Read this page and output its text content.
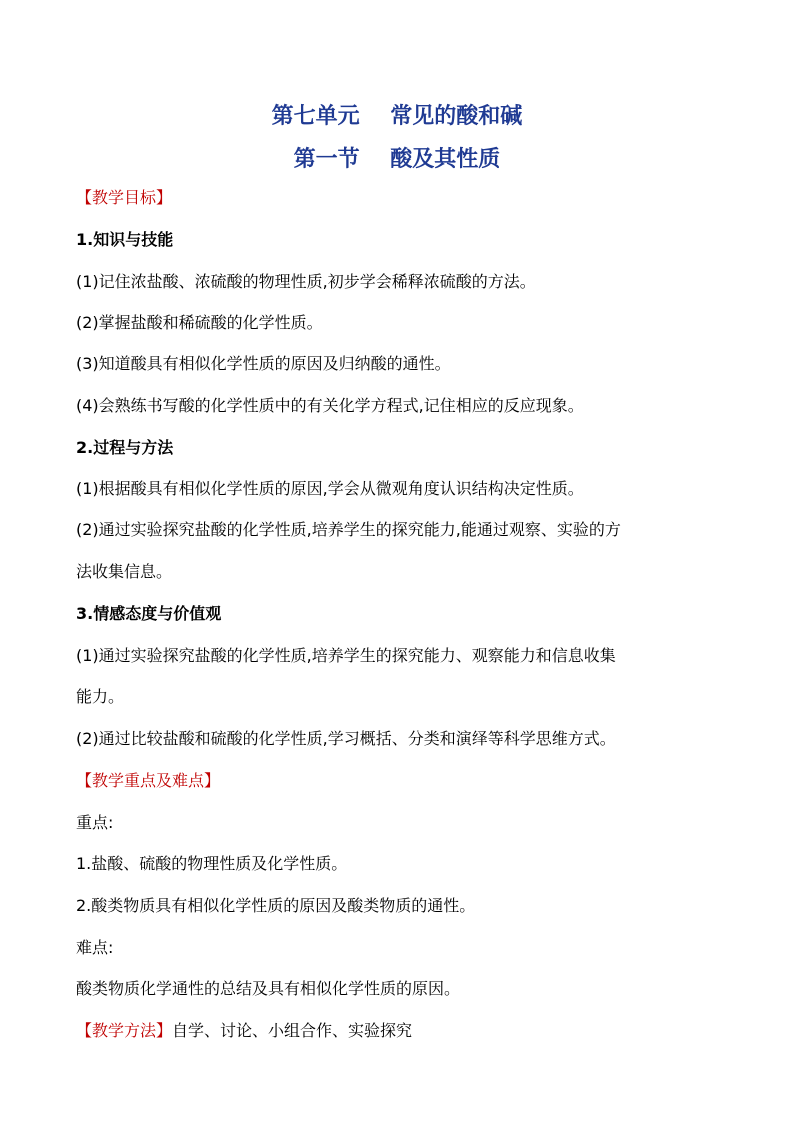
第七单元    常见的酸和碱
第一节    酸及其性质
【教学目标】
1.知识与技能
(1)记住浓盐酸、浓硫酸的物理性质,初步学会稀释浓硫酸的方法。
(2)掌握盐酸和稀硫酸的化学性质。
(3)知道酸具有相似化学性质的原因及归纳酸的通性。
(4)会熟练书写酸的化学性质中的有关化学方程式,记住相应的反应现象。
2.过程与方法
(1)根据酸具有相似化学性质的原因,学会从微观角度认识结构决定性质。
(2)通过实验探究盐酸的化学性质,培养学生的探究能力,能通过观察、实验的方
法收集信息。
3.情感态度与价值观
(1)通过实验探究盐酸的化学性质,培养学生的探究能力、观察能力和信息收集
能力。
(2)通过比较盐酸和硫酸的化学性质,学习概括、分类和演绎等科学思维方式。
【教学重点及难点】
重点:
1.盐酸、硫酸的物理性质及化学性质。
2.酸类物质具有相似化学性质的原因及酸类物质的通性。
难点:
酸类物质化学通性的总结及具有相似化学性质的原因。
【教学方法】自学、讨论、小组合作、实验探究
